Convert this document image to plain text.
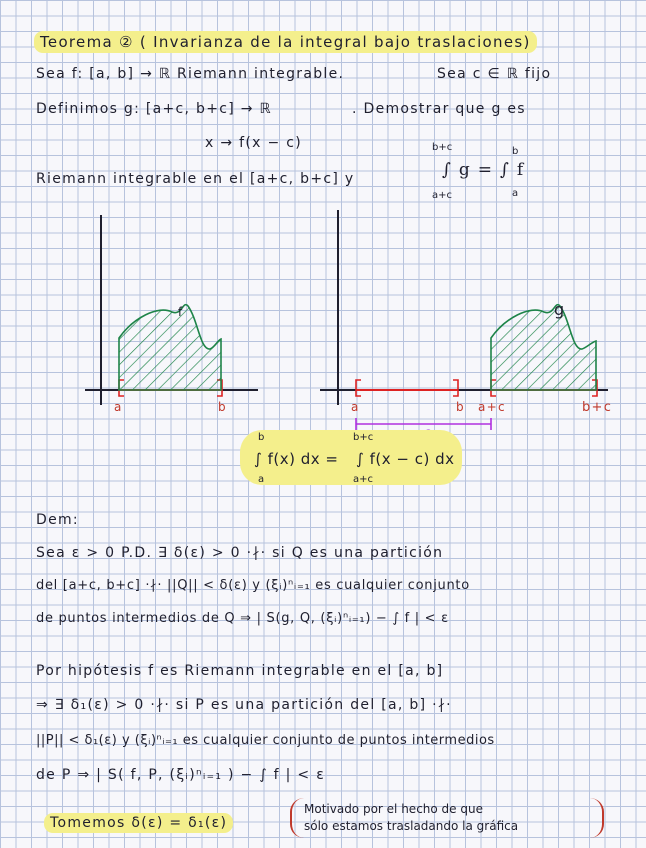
Teorema ② ( Invarianza de la integral bajo traslaciones)
Sea f: [a, b] → ℝ Riemann integrable.	Sea c ∈ ℝ fijo
Definimos g: [a+c, b+c] → ℝ	. Demostrar que g es
x → f(x − c)
Riemann integrable en el [a+c, b+c] y
b+c
a+c
∫ g = ∫ f
b
a
f
a	b
g
a	b a+c	b+c
b
a
∫ f(x) dx =
b+c
a+c
∫ f(x − c) dx
Dem:
Sea ε > 0 P.D. ∃ δ(ε) > 0 ·∤· si Q es una partición
del [a+c, b+c] ·∤· ||Q|| < δ(ε) y (ξᵢ)ⁿᵢ₌₁ es cualquier conjunto
de puntos intermedios de Q ⇒ | S(g, Q, (ξᵢ)ⁿᵢ₌₁) − ∫ f | < ε
Por hipótesis f es Riemann integrable en el [a, b]
⇒ ∃ δ₁(ε) > 0 ·∤· si P es una partición del [a, b] ·∤·
||P|| < δ₁(ε) y (ξᵢ)ⁿᵢ₌₁ es cualquier conjunto de puntos intermedios
de P ⇒ | S( f, P, (ξᵢ)ⁿᵢ₌₁ ) − ∫ f | < ε
Tomemos δ(ε) = δ₁(ε)
Motivado por el hecho de que
sólo estamos trasladando la gráfica
